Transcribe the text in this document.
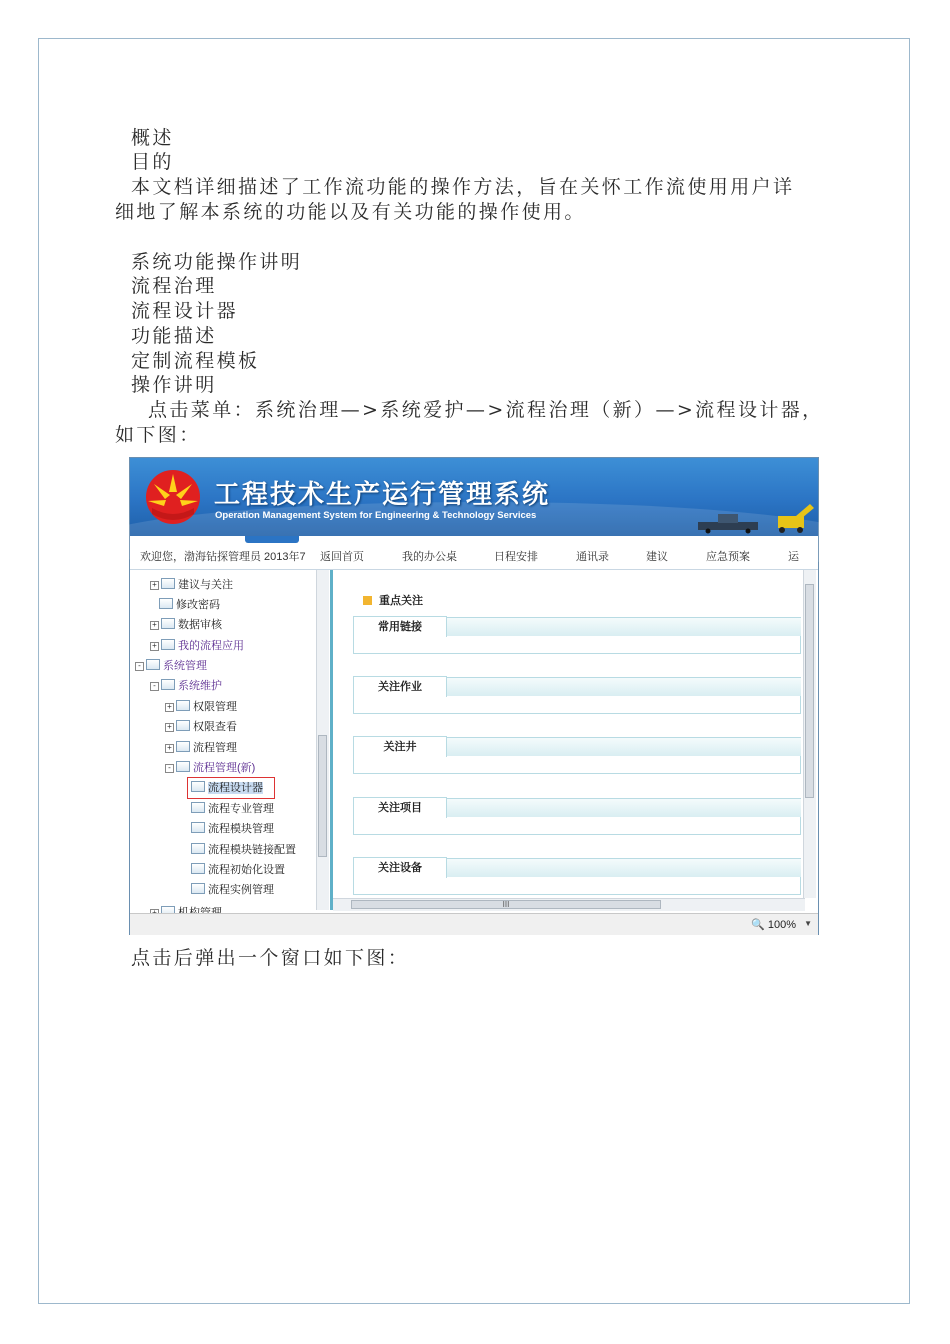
概述
目的
本文档详细描述了工作流功能的操作方法，旨在关怀工作流使用用户详
细地了解本系统的功能以及有关功能的操作使用。
系统功能操作讲明
流程治理
流程设计器
功能描述
定制流程模板
操作讲明
点击菜单：系统治理—>系统爱护—>流程治理（新）—>流程设计器，
如下图：
点击后弹出一个窗口如下图：
工程技术生产运行管理系统
Operation Management System for Engineering & Technology Services
欢迎您，渤海钻探管理员 2013年7 返回首页	我的办公桌	日程安排	通讯录	建议	应急预案	运
+ 建议与关注
修改密码
+ 数据审核
+ 我的流程应用
- 系统管理
- 系统维护
+ 权限管理
+ 权限查看
+ 流程管理
- 流程管理(新)
流程设计器
流程专业管理
流程模块管理
流程模块链接配置
流程初始化设置
流程实例管理
重点关注
常用链接
关注作业
关注井
关注项目
关注设备
III
🔍 100% ▼
